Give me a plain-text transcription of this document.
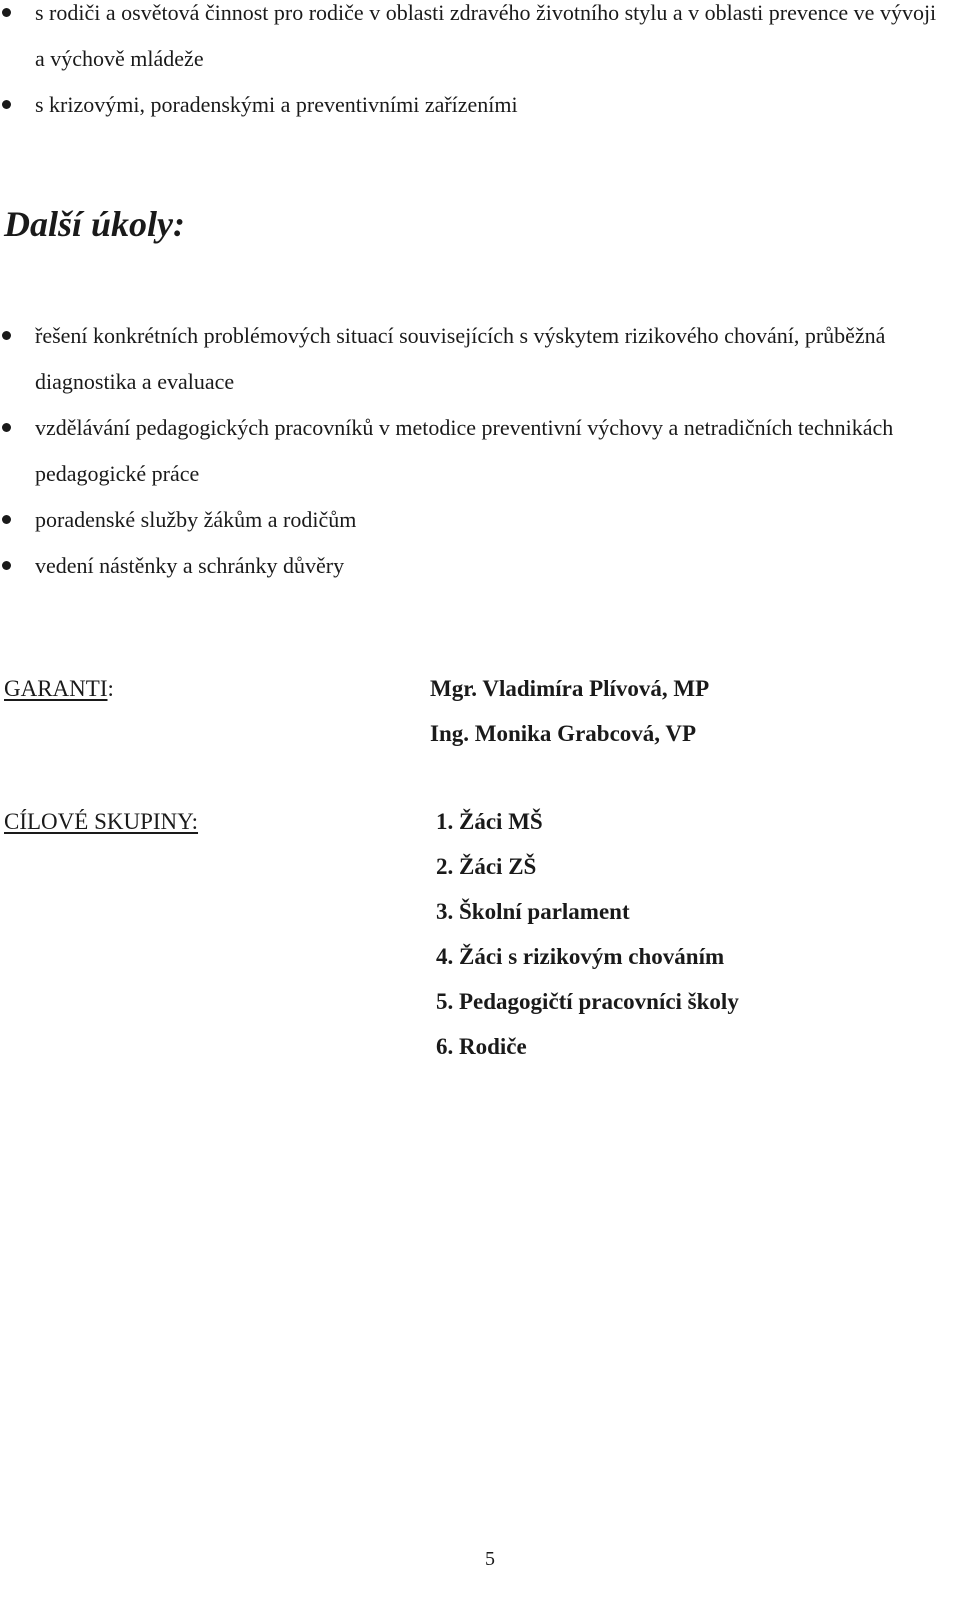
s rodiči a osvětová činnost pro rodiče v oblasti zdravého životního stylu a v oblasti prevence ve vývoji a výchově mládeže
s krizovými, poradenskými a preventivními zařízeními
Další úkoly:
řešení konkrétních problémových situací souvisejících s výskytem rizikového chování, průběžná diagnostika a evaluace
vzdělávání pedagogických pracovníků v metodice preventivní výchovy a netradičních technikách pedagogické práce
poradenské služby žákům a rodičům
vedení nástěnky a schránky důvěry

GARANTI:	Mgr. Vladimíra Plívová, MP
Ing. Monika Grabcová, VP

CÍLOVÉ SKUPINY:	1. Žáci MŠ
2. Žáci ZŠ
3. Školní parlament
4. Žáci s rizikovým chováním
5. Pedagogičtí pracovníci školy
6. Rodiče
5
